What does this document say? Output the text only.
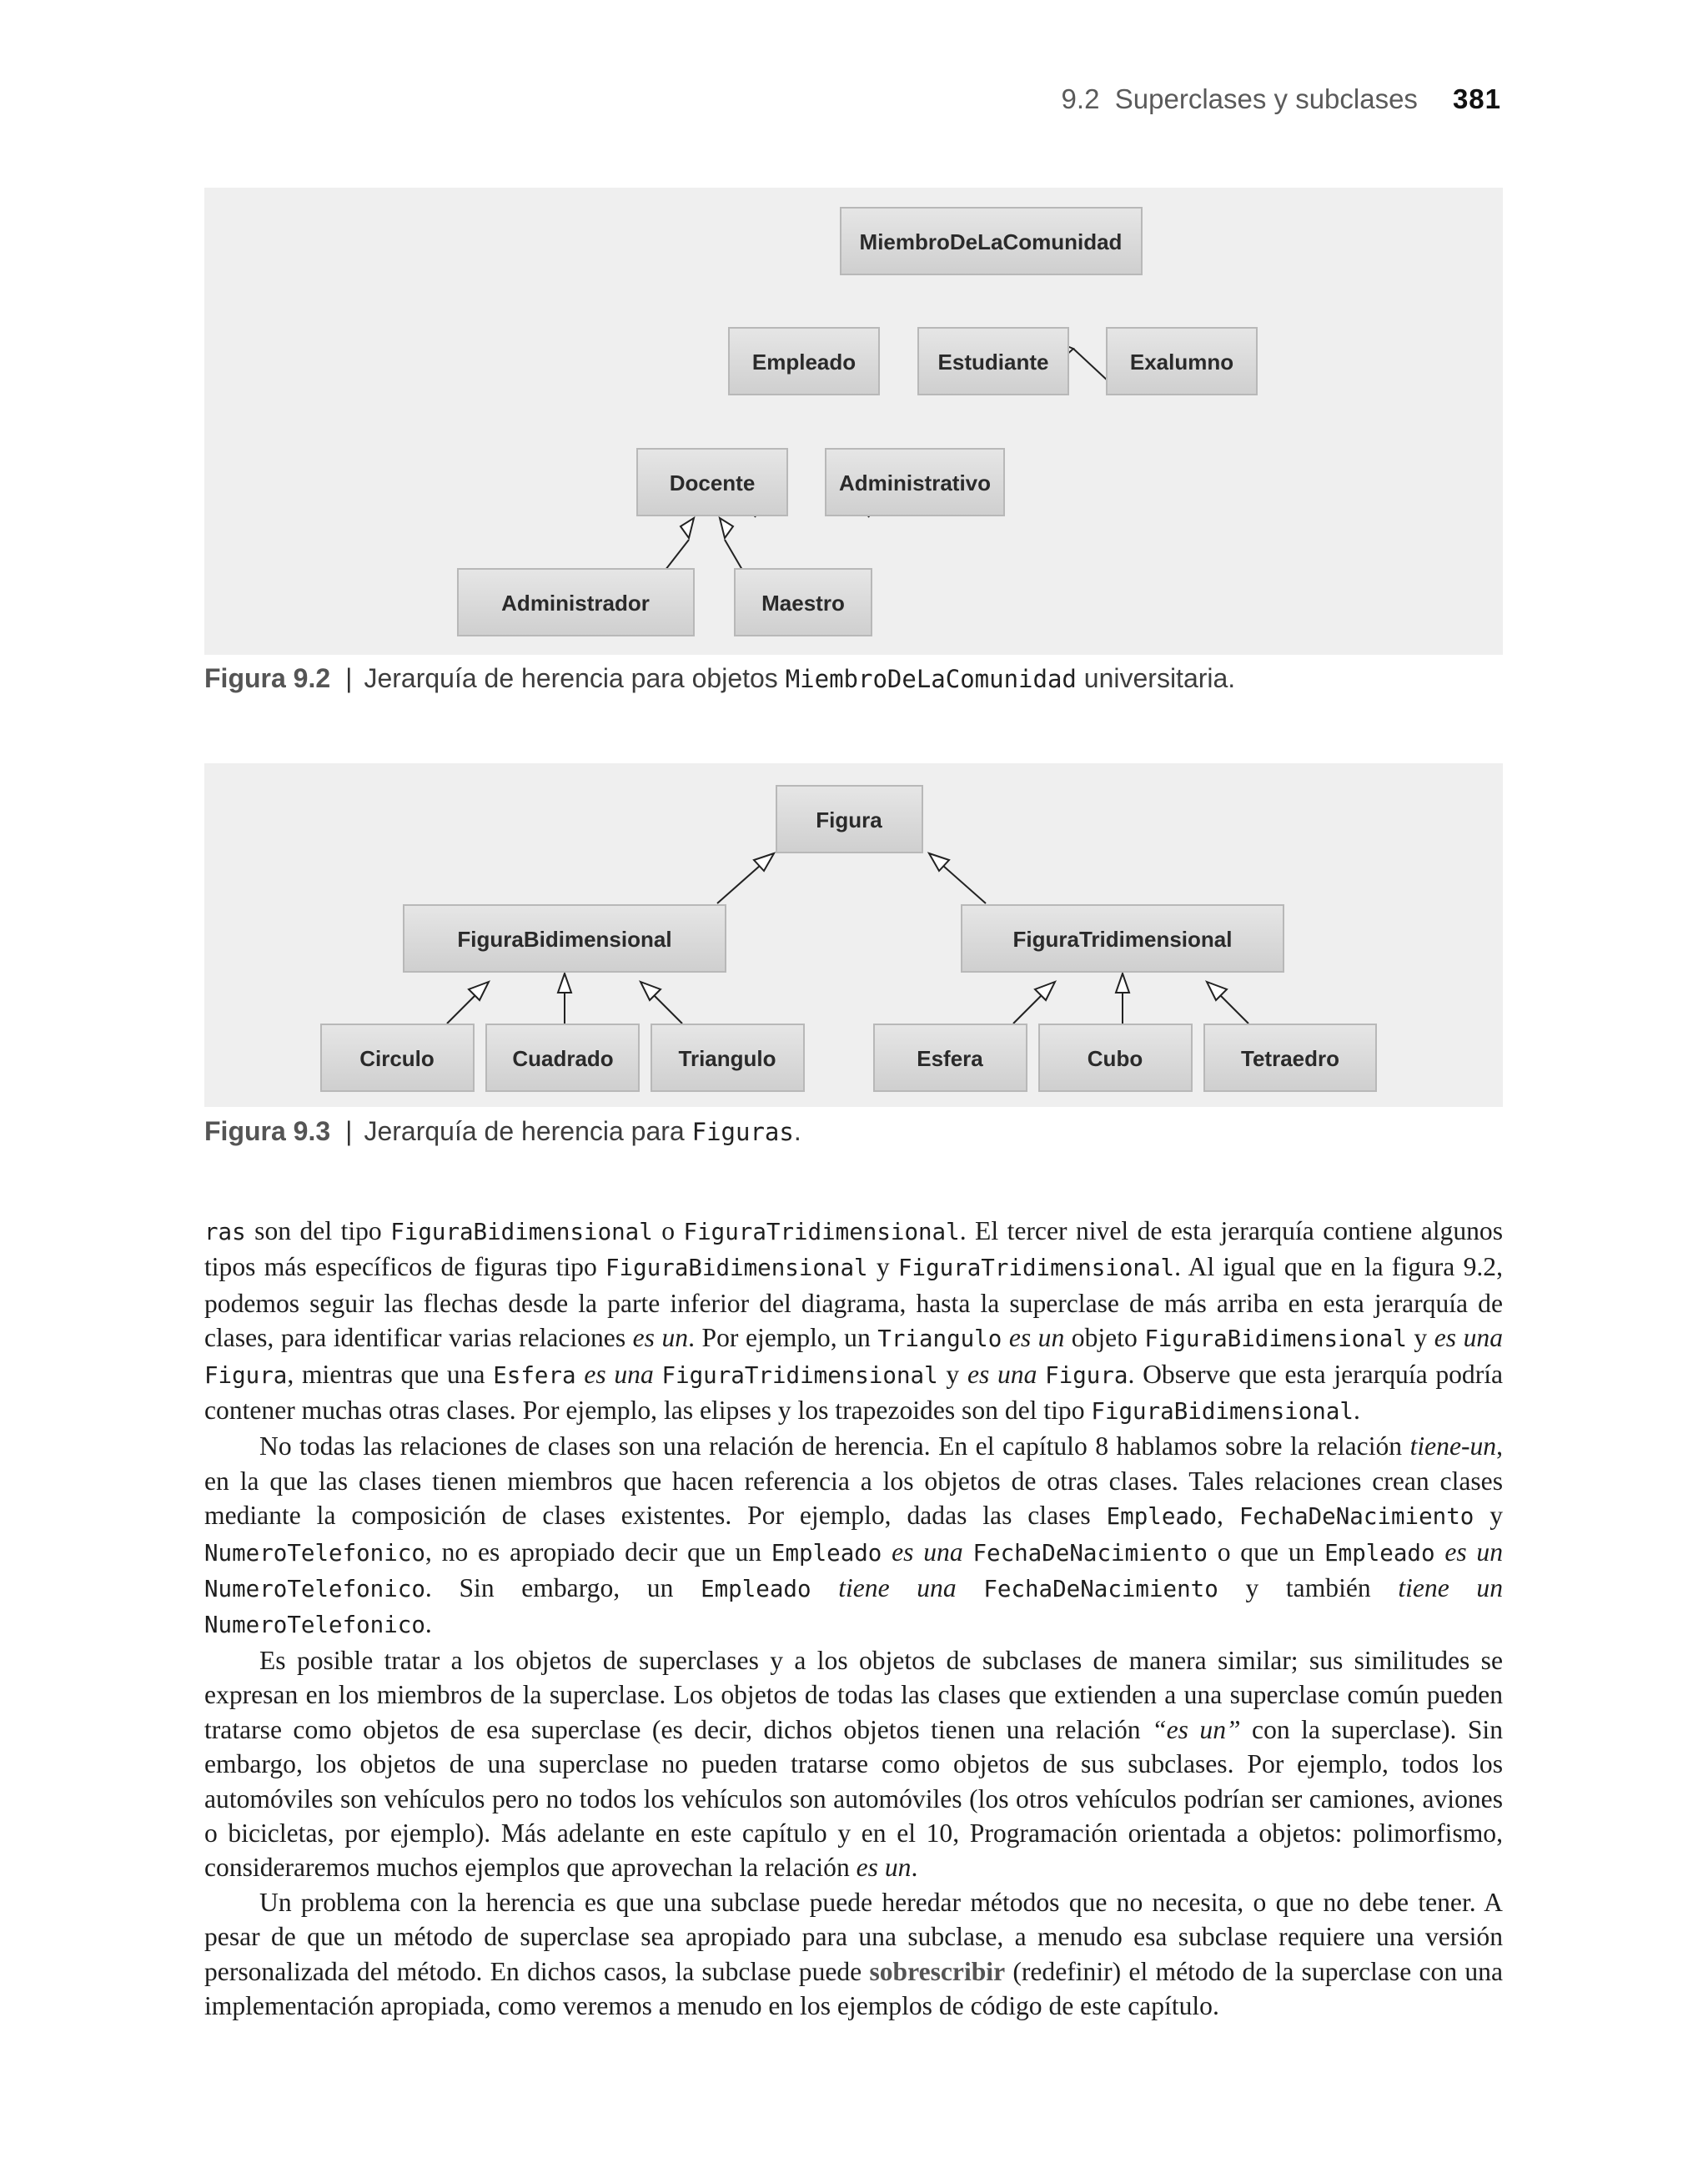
9.2  Superclases y subclases 381
MiembroDeLaComunidad
Empleado	Estudiante	Exalumno
Docente	Administrativo
Administrador	Maestro
Figura 9.2 | Jerarquía de herencia para objetos MiembroDeLaComunidad universitaria.
Figura
FiguraBidimensional	FiguraTridimensional
Circulo	Cuadrado	Triangulo	Esfera	Cubo	Tetraedro
Figura 9.3 | Jerarquía de herencia para Figuras.

ras son del tipo FiguraBidimensional o FiguraTridimensional. El tercer nivel de esta jerarquía contiene algunos tipos más específicos de figuras tipo FiguraBidimensional y FiguraTridimensional. Al igual que en la figura 9.2, podemos seguir las flechas desde la parte inferior del diagrama, hasta la superclase de más arriba en esta jerarquía de clases, para identificar varias relaciones es un. Por ejemplo, un Triangulo es un objeto FiguraBidimensional y es una Figura, mientras que una Esfera es una FiguraTridimensional y es una Figura. Observe que esta jerarquía podría contener muchas otras clases. Por ejemplo, las elipses y los trapezoides son del tipo FiguraBidimensional.

No todas las relaciones de clases son una relación de herencia. En el capítulo 8 hablamos sobre la relación tiene-un, en la que las clases tienen miembros que hacen referencia a los objetos de otras clases. Tales relaciones crean clases mediante la composición de clases existentes. Por ejemplo, dadas las clases Empleado, FechaDeNacimiento y NumeroTelefonico, no es apropiado decir que un Empleado es una FechaDeNacimiento o que un Empleado es un NumeroTelefonico. Sin embargo, un Empleado tiene una FechaDeNacimiento y también tiene un NumeroTelefonico.

Es posible tratar a los objetos de superclases y a los objetos de subclases de manera similar; sus similitudes se expresan en los miembros de la superclase. Los objetos de todas las clases que extienden a una superclase común pueden tratarse como objetos de esa superclase (es decir, dichos objetos tienen una relación “es un” con la superclase). Sin embargo, los objetos de una superclase no pueden tratarse como objetos de sus subclases. Por ejemplo, todos los automóviles son vehículos pero no todos los vehículos son automóviles (los otros vehículos podrían ser camiones, aviones o bicicletas, por ejemplo). Más adelante en este capítulo y en el 10, Programación orientada a objetos: polimorfismo, consideraremos muchos ejemplos que aprovechan la relación es un.

Un problema con la herencia es que una subclase puede heredar métodos que no necesita, o que no debe tener. A pesar de que un método de superclase sea apropiado para una subclase, a menudo esa subclase requiere una versión personalizada del método. En dichos casos, la subclase puede sobrescribir (redefinir) el método de la superclase con una implementación apropiada, como veremos a menudo en los ejemplos de código de este capítulo.
